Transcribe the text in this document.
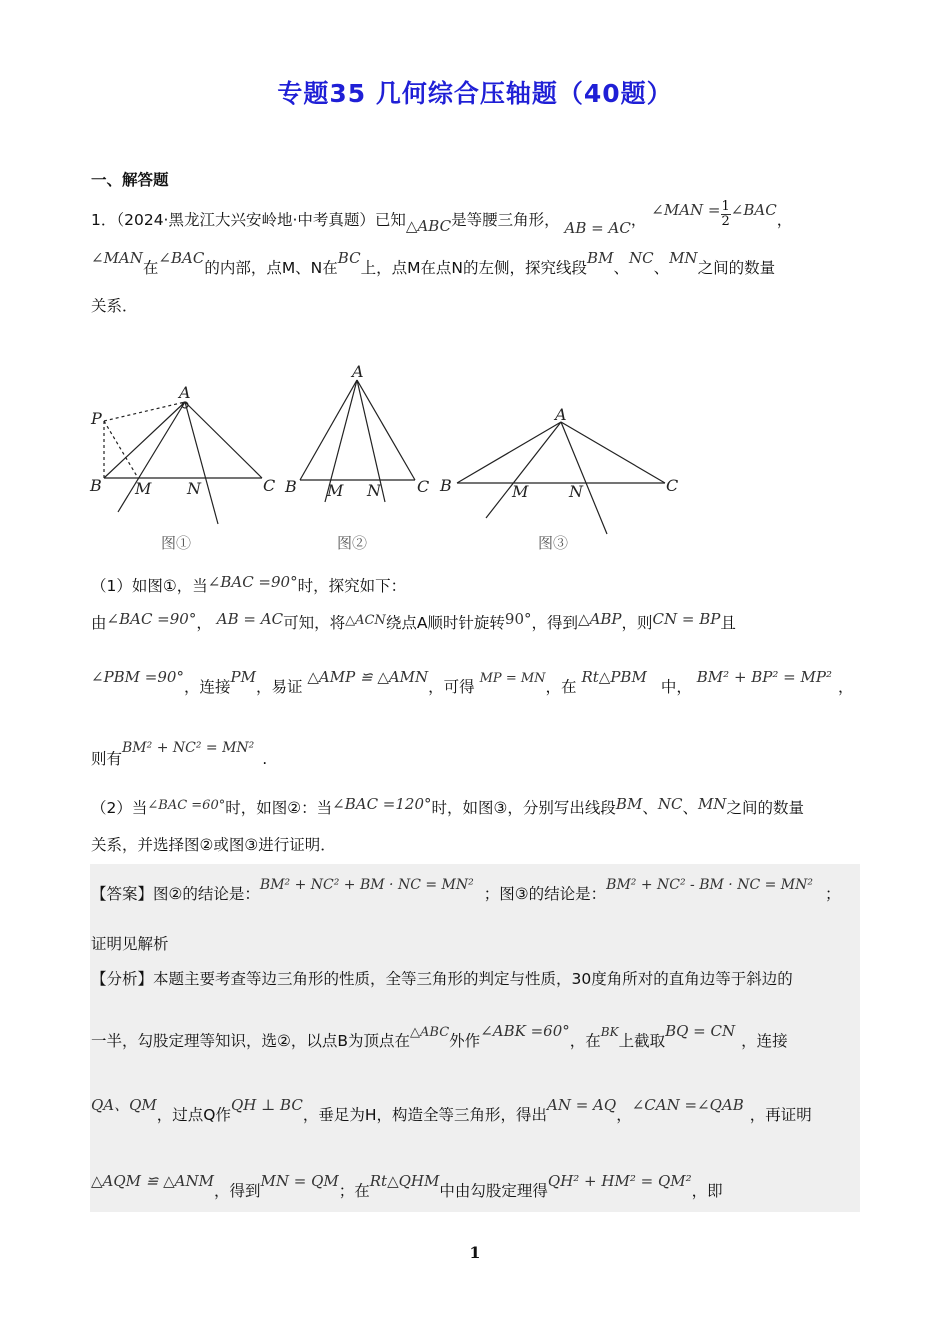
专题35 几何综合压轴题（40题）
一、解答题
1．（2024·黑龙江大兴安岭地·中考真题）已知△ABC是等腰三角形， AB = AC， ∠MAN = $\frac{1}{2}$ ∠BAC，
∠MAN在∠BAC的内部，点M、N在BC上，点M在点N的左侧，探究线段BM、NC、MN之间的数量
关系．
A
P
B M N	C
图①
A
B M N C
图②
A
B	M	N	C
图③
（1）如图①，当∠BAC =90°时，探究如下：
由∠BAC =90°， AB = AC可知，将$^{\triangle ACN}$绕点A顺时针旋转90°，得到△ABP，则CN = BP且
∠PBM =90°，连接PM，易证 △AMP ≌ △AMN，可得 $^{MP = MN}$，在 Rt△PBM中， BM² + BP² = MP²，
则有BM² + NC² = MN².
（2）当$^{\angle BAC =60^\circ}$时，如图②：当∠BAC =120°时，如图③，分别写出线段BM、NC、MN之间的数量
关系，并选择图②或图③进行证明．
【答案】图②的结论是：BM² + NC² + BM · NC = MN² ；图③的结论是：BM² + NC² - BM · NC = MN² ；
证明见解析
【分析】本题主要考查等边三角形的性质，全等三角形的判定与性质，30度角所对的直角边等于斜边的
一半，勾股定理等知识，选②，以点B为顶点在$^{\triangle ABC}$外作∠ABK =60°，在$^{BK}$上截取BQ = CN，连接
QA、QM，过点Q作QH ⊥ BC，垂足为H，构造全等三角形，得出AN = AQ，∠CAN =∠QAB，再证明
△AQM ≌ △ANM，得到MN = QM；在Rt△QHM中由勾股定理得QH² + HM² = QM²，即
1
